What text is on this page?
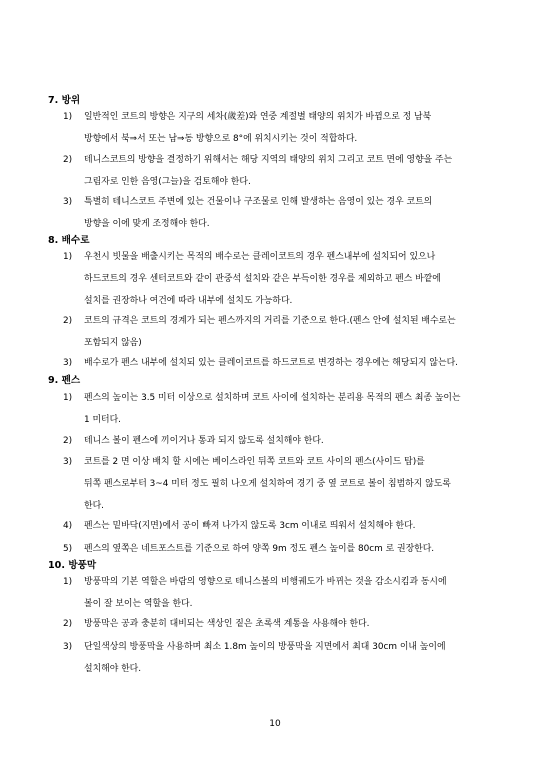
7. 방위
1) 일반적인 코트의 방향은 지구의 세차(歲差)와 연중 계절별 태양의 위치가 바뀜으로 정 남북
방향에서 북⇒서 또는 남⇒동 방향으로 8°에 위치시키는 것이 적합하다.
2) 테니스코트의 방향을 결정하기 위해서는 해당 지역의 태양의 위치 그리고 코트 면에 영향을 주는
그림자로 인한 음영(그늘)을 검토해야 한다.
3) 특별히 테니스코트 주변에 있는 건물이나 구조물로 인해 발생하는 음영이 있는 경우 코트의
방향을 이에 맞게 조정해야 한다.
8. 배수로
1) 우천시 빗물을 배출시키는 목적의 배수로는 클레이코트의 경우 펜스내부에 설치되어 있으나
하드코트의 경우 센터코트와 같이 관중석 설치와 같은 부득이한 경우를 제외하고 펜스 바깥에
설치를 권장하나 여건에 따라 내부에 설치도 가능하다.
2) 코트의 규격은 코트의 경계가 되는 펜스까지의 거리를 기준으로 한다.(펜스 안에 설치된 배수로는
포함되지 않음)
3) 배수로가 펜스 내부에 설치되 있는 클레이코트를 하드코트로 변경하는 경우에는 해당되지 않는다.
9. 펜스
1) 펜스의 높이는 3.5 미터 이상으로 설치하며 코트 사이에 설치하는 분리용 목적의 펜스 최종 높이는
1 미터다.
2) 테니스 볼이 펜스에 끼이거나 통과 되지 않도록 설치해야 한다.
3) 코트를 2 면 이상 배치 할 시에는 베이스라인 뒤쪽 코트와 코트 사이의 펜스(사이드 탑)를
뒤쪽 펜스로부터 3~4 미터 정도 필히 나오게 설치하여 경기 중 옆 코트로 볼이 침범하지 않도록
한다.
4) 펜스는 밑바닥(지면)에서 공이 빠져 나가지 않도록 3cm 이내로 띄워서 설치해야 한다.
5) 펜스의 옆쪽은 네트포스트를 기준으로 하여 양쪽 9m 정도 펜스 높이를 80cm 로 권장한다.
10. 방풍막
1) 방풍막의 기본 역할은 바람의 영향으로 테니스볼의 비행궤도가 바뀌는 것을 감소시킴과 동시에
볼이 잘 보이는 역할을 한다.
2) 방풍막은 공과 충분히 대비되는 색상인 짙은 초록색 계통을 사용해야 한다.
3) 단일색상의 방풍막을 사용하며 최소 1.8m 높이의 방풍막을 지면에서 최대 30cm 이내 높이에
설치해야 한다.
10
